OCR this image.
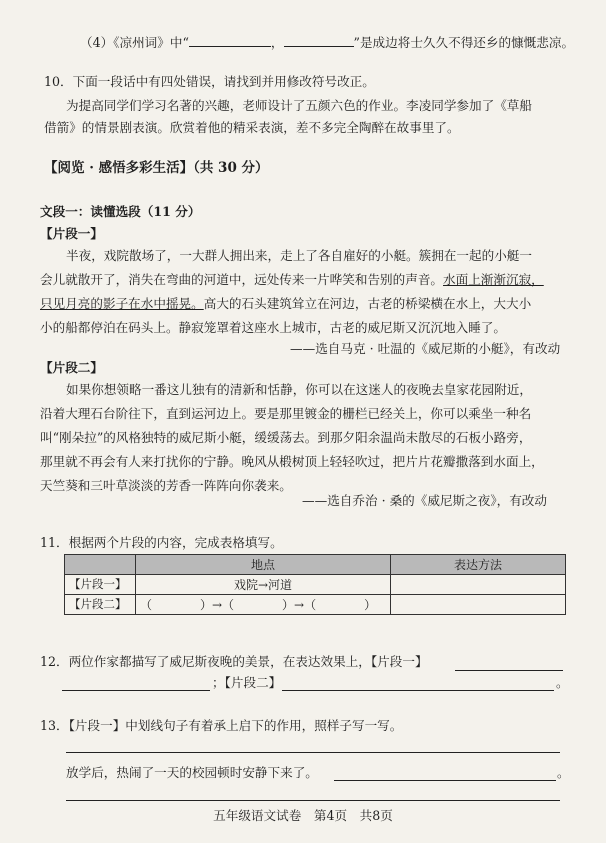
（4）《凉州词》中“	，	”是成边将士久久不得还乡的慷慨悲凉。
10．下面一段话中有四处错误，请找到并用修改符号改正。
为提高同学们学习名著的兴趣，老师设计了五颜六色的作业。李凌同学参加了《草船
借箭》的情景剧表演。欣赏着他的精采表演，差不多完全陶醉在故事里了。
【阅览 · 感悟多彩生活】（共 30 分）
文段一：读懂选段（11 分）
【片段一】
半夜，戏院散场了，一大群人拥出来，走上了各自雇好的小艇。簇拥在一起的小艇一
会儿就散开了，消失在弯曲的河道中，远处传来一片哗笑和告别的声音。水面上渐渐沉寂，
只见月亮的影子在水中摇晃。高大的石头建筑耸立在河边，古老的桥梁横在水上，大大小
小的船都停泊在码头上。静寂笼罩着这座水上城市，古老的威尼斯又沉沉地入睡了。
——选自马克 · 吐温的《威尼斯的小艇》，有改动
【片段二】
如果你想领略一番这儿独有的清新和恬静，你可以在这迷人的夜晚去皇家花园附近，
沿着大理石台阶往下，直到运河边上。要是那里镀金的栅栏已经关上，你可以乘坐一种名
叫“刚朵拉”的风格独特的威尼斯小艇，缓缓荡去。到那夕阳余温尚未散尽的石板小路旁，
那里就不再会有人来打扰你的宁静。晚风从椴树顶上轻轻吹过，把片片花瓣撒落到水面上，
天竺葵和三叶草淡淡的芳香一阵阵向你袭来。
——选自乔治 · 桑的《威尼斯之夜》，有改动
11．根据两个片段的内容，完成表格填写。
	地点	表达方法
【片段一】	戏院→河道	
【片段二】	（　　　　）→（　　　　）→（　　　　）	
12．两位作家都描写了威尼斯夜晚的美景，在表达效果上，【片段一】
；【片段二】	。
13．【片段一】中划线句子有着承上启下的作用，照样子写一写。
放学后，热闹了一天的校园顿时安静下来了。	。
五年级语文试卷　第4页　共8页
